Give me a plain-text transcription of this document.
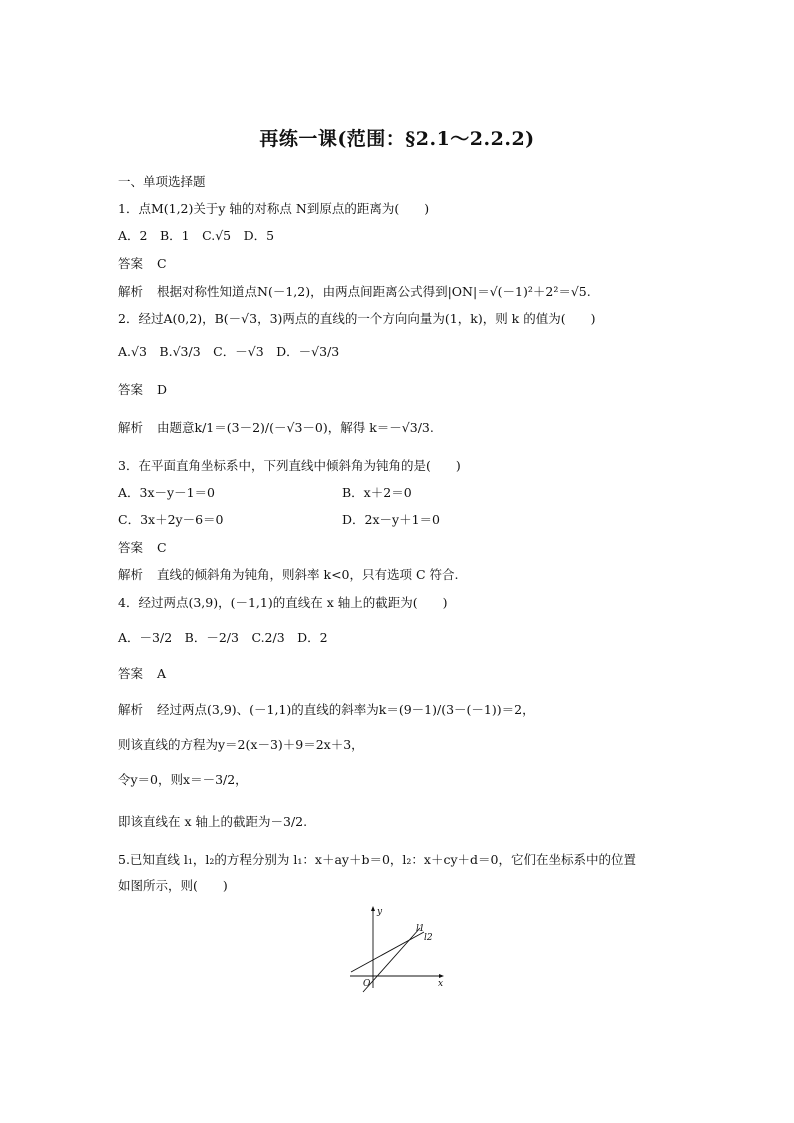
再练一课(范围：§2.1～2.2.2)
一、单项选择题
1．点M(1,2)关于y 轴的对称点 N到原点的距离为(　　)
A．2　B．1　C.√5　D．5
答案 C
解析 根据对称性知道点N(－1,2)，由两点间距离公式得到|ON|＝√(－1)²＋2²＝√5.
2．经过A(0,2)，B(－√3，3)两点的直线的一个方向向量为(1，k)，则 k 的值为(　　)
A.√3　B.√3/3　C．－√3　D．－√3/3
答案 D
解析 由题意k/1＝(3－2)/(－√3－0)，解得 k＝－√3/3.
3．在平面直角坐标系中，下列直线中倾斜角为钝角的是(　　)
A．3x－y－1＝0	B．x＋2＝0
C．3x＋2y－6＝0	D．2x－y＋1＝0
答案 C
解析 直线的倾斜角为钝角，则斜率 k<0，只有选项 C 符合.
4．经过两点(3,9)，(－1,1)的直线在 x 轴上的截距为(　　)
A．－3/2　B．－2/3　C.2/3　D．2
答案 A
解析 经过两点(3,9)、(－1,1)的直线的斜率为k＝(9－1)/(3－(－1))＝2，
则该直线的方程为y＝2(x－3)＋9＝2x＋3，
令y＝0，则x＝－3/2，
即该直线在 x 轴上的截距为－3/2.
5.已知直线 l₁，l₂的方程分别为 l₁：x＋ay＋b＝0，l₂：x＋cy＋d＝0，它们在坐标系中的位置
如图所示，则(　　)
y
x
O
l1
l2
